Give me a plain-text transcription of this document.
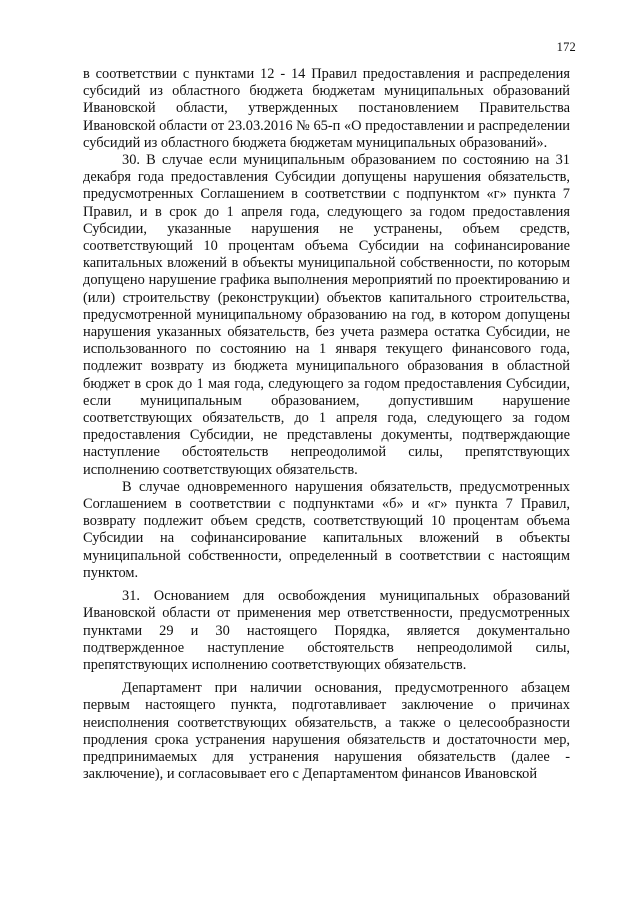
172

в соответствии с пунктами 12 - 14 Правил предоставления и распределения субсидий из областного бюджета бюджетам муниципальных образований Ивановской области, утвержденных постановлением Правительства Ивановской области от 23.03.2016 № 65-п «О предоставлении и распределении субсидий из областного бюджета бюджетам муниципальных образований».

30. В случае если муниципальным образованием по состоянию на 31 декабря года предоставления Субсидии допущены нарушения обязательств, предусмотренных Соглашением в соответствии с подпунктом «г» пункта 7 Правил, и в срок до 1 апреля года, следующего за годом предоставления Субсидии, указанные нарушения не устранены, объем средств, соответствующий 10 процентам объема Субсидии на софинансирование капитальных вложений в объекты муниципальной собственности, по которым допущено нарушение графика выполнения мероприятий по проектированию и (или) строительству (реконструкции) объектов капитального строительства, предусмотренной муниципальному образованию на год, в котором допущены нарушения указанных обязательств, без учета размера остатка Субсидии, не использованного по состоянию на 1 января текущего финансового года, подлежит возврату из бюджета муниципального образования в областной бюджет в срок до 1 мая года, следующего за годом предоставления Субсидии, если муниципальным образованием, допустившим нарушение соответствующих обязательств, до 1 апреля года, следующего за годом предоставления Субсидии, не представлены документы, подтверждающие наступление обстоятельств непреодолимой силы, препятствующих исполнению соответствующих обязательств.

В случае одновременного нарушения обязательств, предусмотренных Соглашением в соответствии с подпунктами «б» и «г» пункта 7 Правил, возврату подлежит объем средств, соответствующий 10 процентам объема Субсидии на софинансирование капитальных вложений в объекты муниципальной собственности, определенный в соответствии с настоящим пунктом.

31. Основанием для освобождения муниципальных образований Ивановской области от применения мер ответственности, предусмотренных пунктами 29 и 30 настоящего Порядка, является документально подтвержденное наступление обстоятельств непреодолимой силы, препятствующих исполнению соответствующих обязательств.

Департамент при наличии основания, предусмотренного абзацем первым настоящего пункта, подготавливает заключение о причинах неисполнения соответствующих обязательств, а также о целесообразности продления срока устранения нарушения обязательств и достаточности мер, предпринимаемых для устранения нарушения обязательств (далее - заключение), и согласовывает его с Департаментом финансов Ивановской
